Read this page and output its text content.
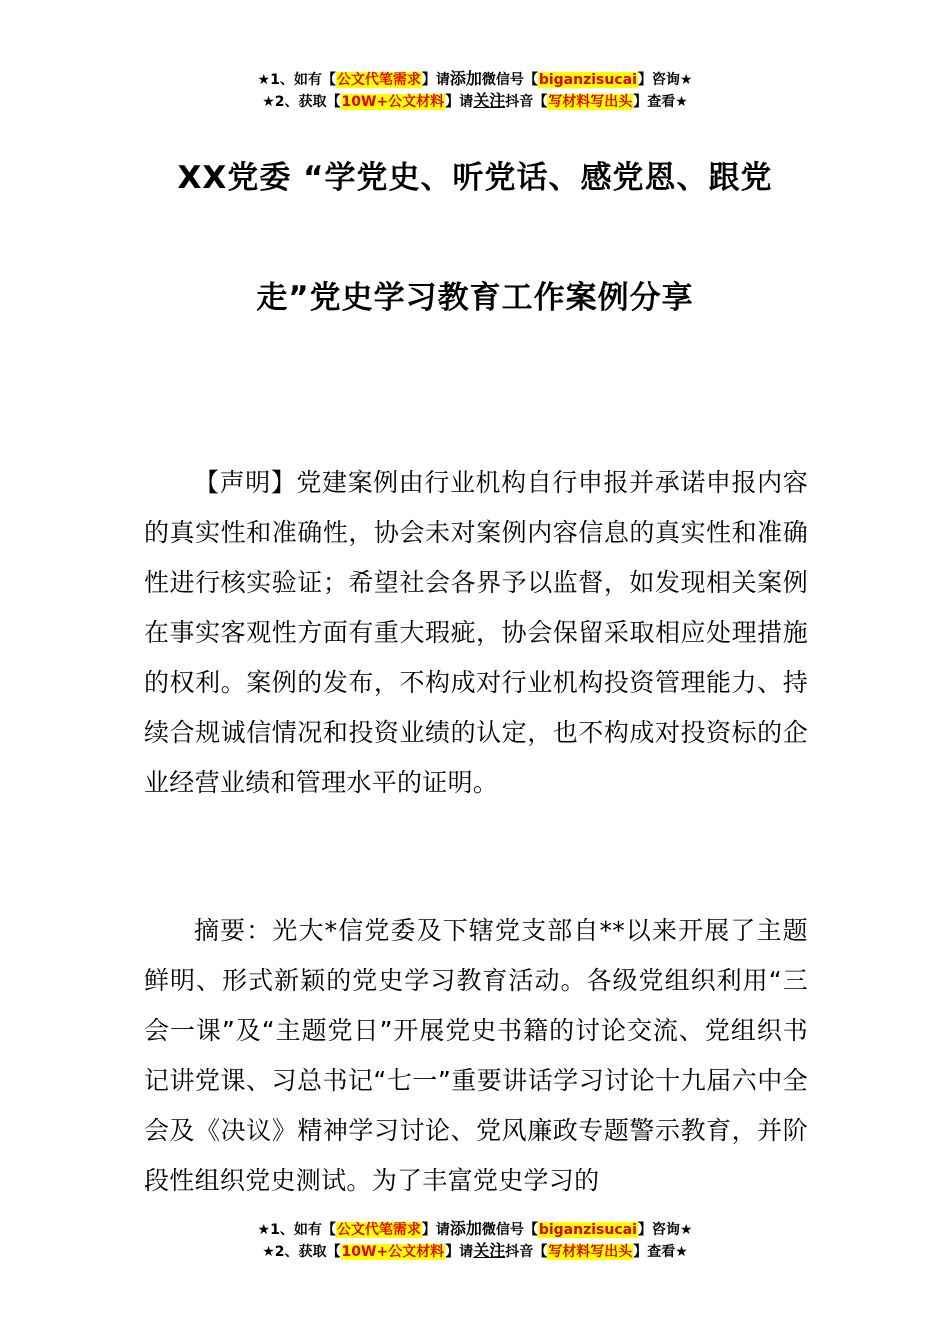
★1、如有【公文代笔需求】请添加微信号【biganzisucai】咨询★
★2、获取【10W+公文材料】请关注抖音【写材料写出头】查看★
XX党委 “学党史、听党话、感党恩、跟党
走”党史学习教育工作案例分享
【声明】党建案例由行业机构自行申报并承诺申报内容的真实性和准确性，协会未对案例内容信息的真实性和准确性进行核实验证；希望社会各界予以监督，如发现相关案例在事实客观性方面有重大瑕疵，协会保留采取相应处理措施的权利。案例的发布，不构成对行业机构投资管理能力、持续合规诚信情况和投资业绩的认定，也不构成对投资标的企业经营业绩和管理水平的证明。
摘要：光大*信党委及下辖党支部自**以来开展了主题鲜明、形式新颖的党史学习教育活动。各级党组织利用“三会一课”及“主题党日”开展党史书籍的讨论交流、党组织书记讲党课、习总书记“七一”重要讲话学习讨论十九届六中全会及《决议》精神学习讨论、党风廉政专题警示教育，并阶段性组织党史测试。为了丰富党史学习的
★1、如有【公文代笔需求】请添加微信号【biganzisucai】咨询★
★2、获取【10W+公文材料】请关注抖音【写材料写出头】查看★
